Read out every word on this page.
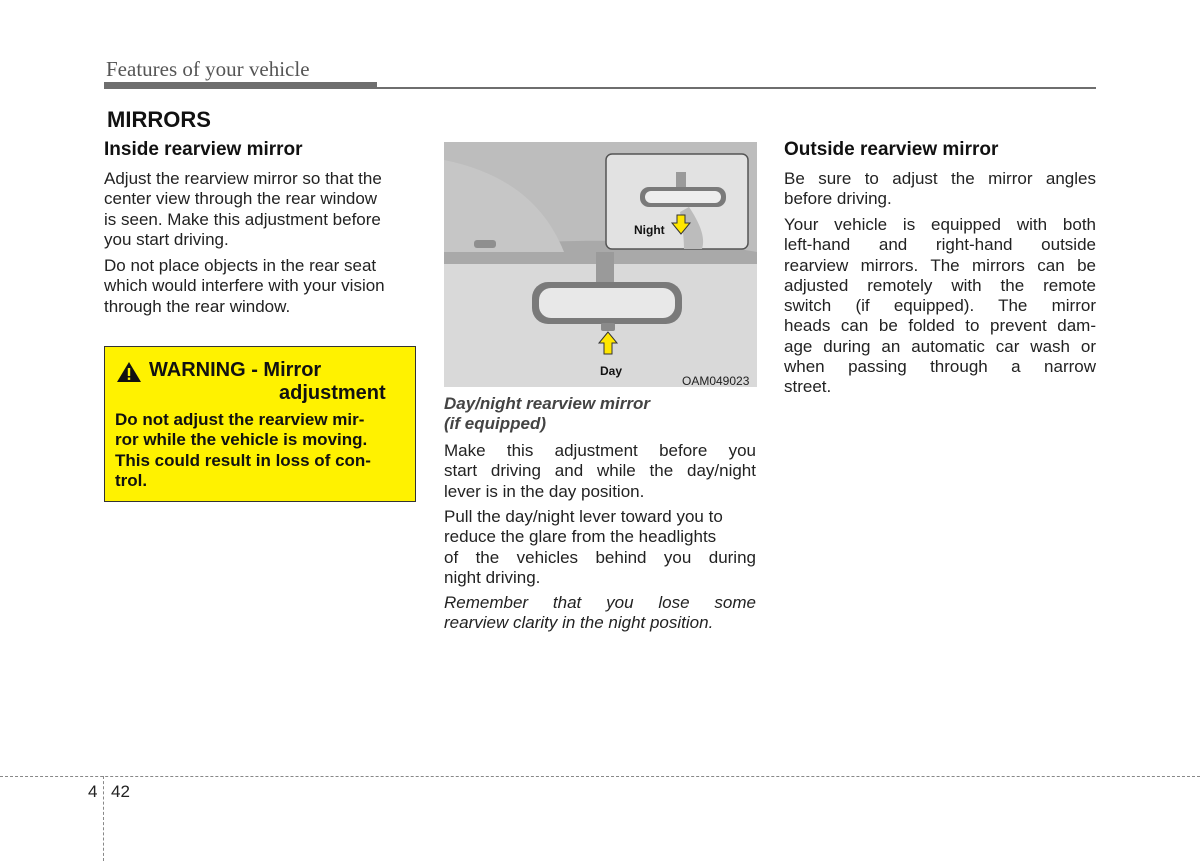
Features of your vehicle
MIRRORS
Inside rearview mirror
Adjust the rearview mirror so that the
center view through the rear window
is seen. Make this adjustment before
you start driving.
Do not place objects in the rear seat
which would interfere with your vision
through the rear window.
WARNING - Mirror
adjustment
Do not adjust the rearview mir-
ror while the vehicle is moving.
This could result in loss of con-
trol.
Night
Day
OAM049023
Day/night rearview mirror
(if equipped)
Make this adjustment before you
start driving and while the day/night
lever is in the day position.
Pull the day/night lever toward you to
reduce the glare from the headlights
of the vehicles behind you during
night driving.
Remember that you lose some
rearview clarity in the night position.
Outside rearview mirror
Be sure to adjust the mirror angles
before driving.
Your vehicle is equipped with both
left-hand and right-hand outside
rearview mirrors. The mirrors can be
adjusted remotely with the remote
switch (if equipped). The mirror
heads can be folded to prevent dam-
age during an automatic car wash or
when passing through a narrow
street.
4 42
